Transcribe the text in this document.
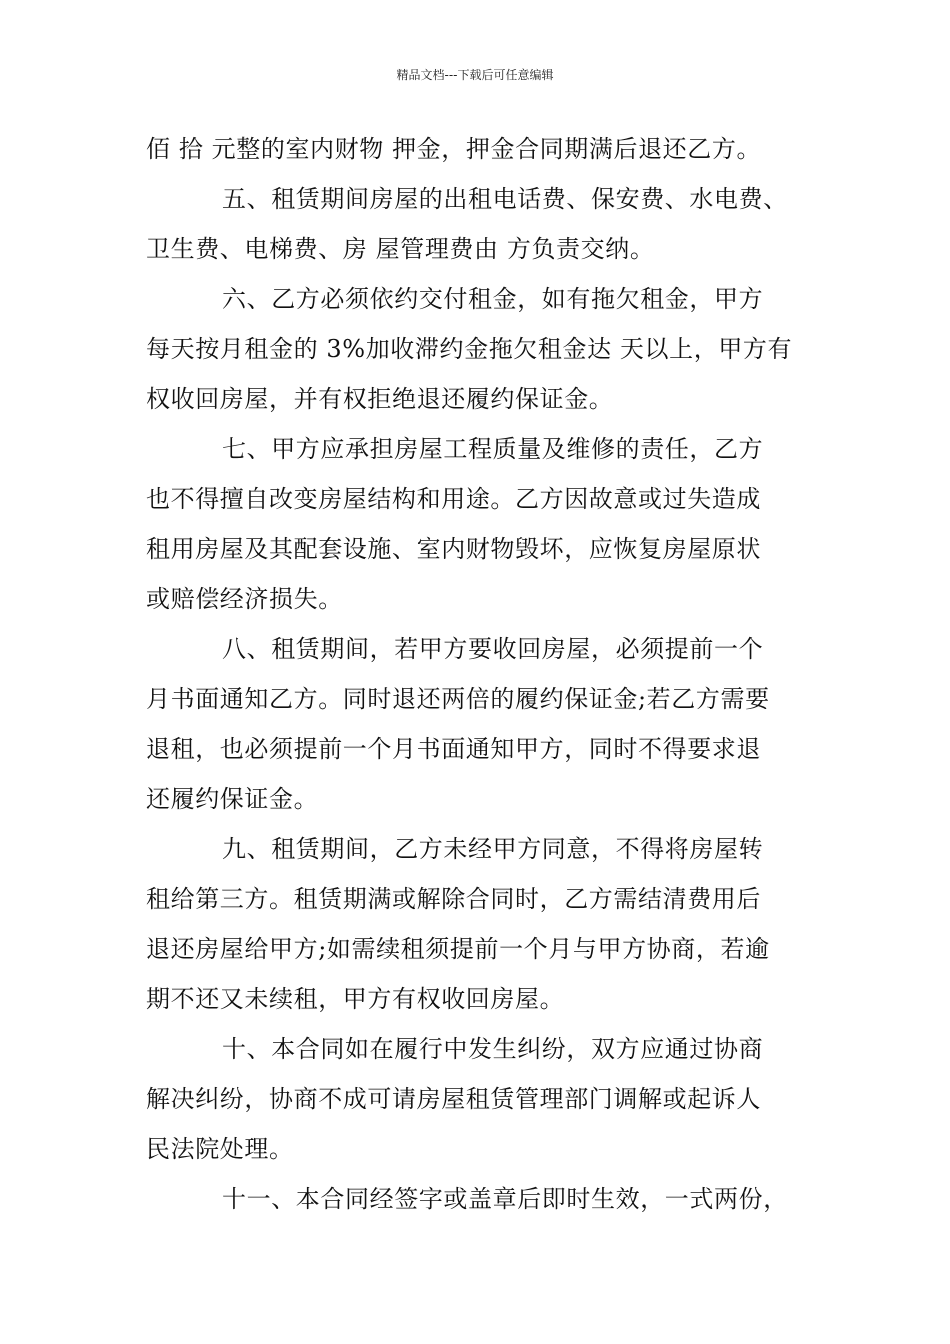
精品文档---下载后可任意编辑
佰 拾 元整的室内财物 押金，押金合同期满后退还乙方。
五、租赁期间房屋的出租电话费、保安费、水电费、
卫生费、电梯费、房 屋管理费由 方负责交纳。
六、乙方必须依约交付租金，如有拖欠租金，甲方
每天按月租金的 3%加收滞约金拖欠租金达 天以上，甲方有
权收回房屋，并有权拒绝退还履约保证金。
七、甲方应承担房屋工程质量及维修的责任，乙方
也不得擅自改变房屋结构和用途。乙方因故意或过失造成
租用房屋及其配套设施、室内财物毁坏，应恢复房屋原状
或赔偿经济损失。
八、租赁期间，若甲方要收回房屋，必须提前一个
月书面通知乙方。同时退还两倍的履约保证金;若乙方需要
退租，也必须提前一个月书面通知甲方，同时不得要求退
还履约保证金。
九、租赁期间，乙方未经甲方同意，不得将房屋转
租给第三方。租赁期满或解除合同时，乙方需结清费用后
退还房屋给甲方;如需续租须提前一个月与甲方协商，若逾
期不还又未续租，甲方有权收回房屋。
十、本合同如在履行中发生纠纷，双方应通过协商
解决纠纷，协商不成可请房屋租赁管理部门调解或起诉人
民法院处理。
十一、本合同经签字或盖章后即时生效，一式两份，
